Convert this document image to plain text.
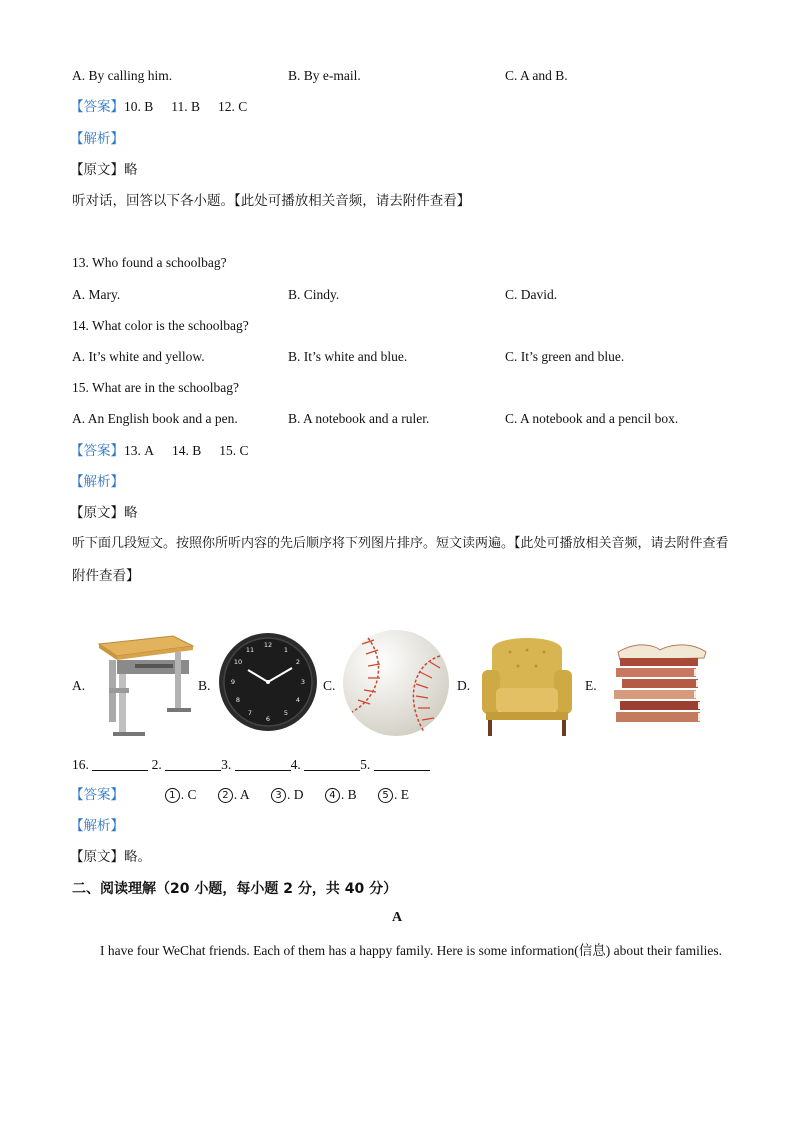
A. By calling him.	B. By e-mail.	C. A and B.
【答案】10. B 11. B 12. C
【解析】
【原文】略
听对话，回答以下各小题。【此处可播放相关音频，请去附件查看】
13. Who found a schoolbag?
A. Mary.	B. Cindy.	C. David.
14. What color is the schoolbag?
A. It’s white and yellow.	B. It’s white and blue.	C. It’s green and blue.
15. What are in the schoolbag?
A. An English book and a pen.	B. A notebook and a ruler.	C. A notebook and a pencil box.
【答案】13. A 14. B 15. C
【解析】
【原文】略
听下面几段短文。按照你所听内容的先后顺序将下列图片排序。短文读两遍。【此处可播放相关音频，请去附件查看
附件查看】
A.	B.
12
1
2
3
4
5
6
7
8
9
10
11
C.	D.	E.
16.	2.	3.	4.	5.
【答案】	1 . C	2 . A	3 . D	4 . B	5 . E
【解析】
【原文】略。
二、阅读理解（20 小题，每小题 2 分，共 40 分）
A
I have four WeChat friends. Each of them has a happy family. Here is some information(信息) about their families.
